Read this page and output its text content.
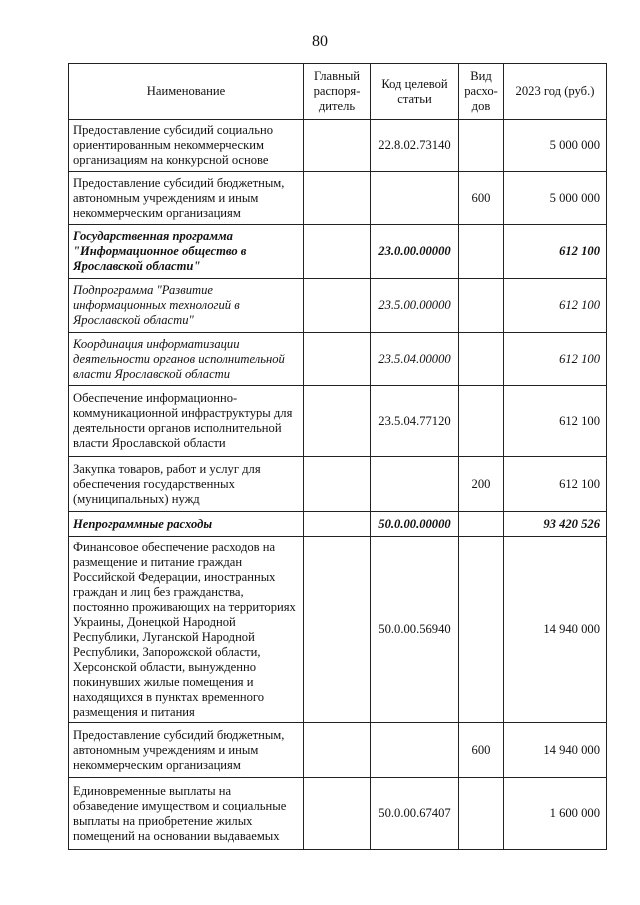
80
Наименование	Главный распоря- дитель	Код целевой статьи	Вид расхо- дов	2023 год (руб.)
Предоставление субсидий социально ориентированным некоммерческим организациям на конкурсной основе		22.8.02.73140		5 000 000
Предоставление субсидий бюджетным, автономным учреждениям и иным некоммерческим организациям			600	5 000 000
Государственная программа "Информационное общество в Ярославской области"		23.0.00.00000		612 100
Подпрограмма "Развитие информационных технологий в Ярославской области"		23.5.00.00000		612 100
Координация информатизации деятельности органов исполнительной власти Ярославской области		23.5.04.00000		612 100
Обеспечение информационно-коммуникационной инфраструктуры для деятельности органов исполнительной власти Ярославской области		23.5.04.77120		612 100
Закупка товаров, работ и услуг для обеспечения государственных (муниципальных) нужд			200	612 100
Непрограммные расходы		50.0.00.00000		93 420 526
Финансовое обеспечение расходов на размещение и питание граждан Российской Федерации, иностранных граждан и лиц без гражданства, постоянно проживающих на территориях Украины, Донецкой Народной Республики, Луганской Народной Республики, Запорожской области, Херсонской области, вынужденно покинувших жилые помещения и находящихся в пунктах временного размещения и питания		50.0.00.56940		14 940 000
Предоставление субсидий бюджетным, автономным учреждениям и иным некоммерческим организациям			600	14 940 000
Единовременные выплаты на обзаведение имуществом и социальные выплаты на приобретение жилых помещений на основании выдаваемых		50.0.00.67407		1 600 000
